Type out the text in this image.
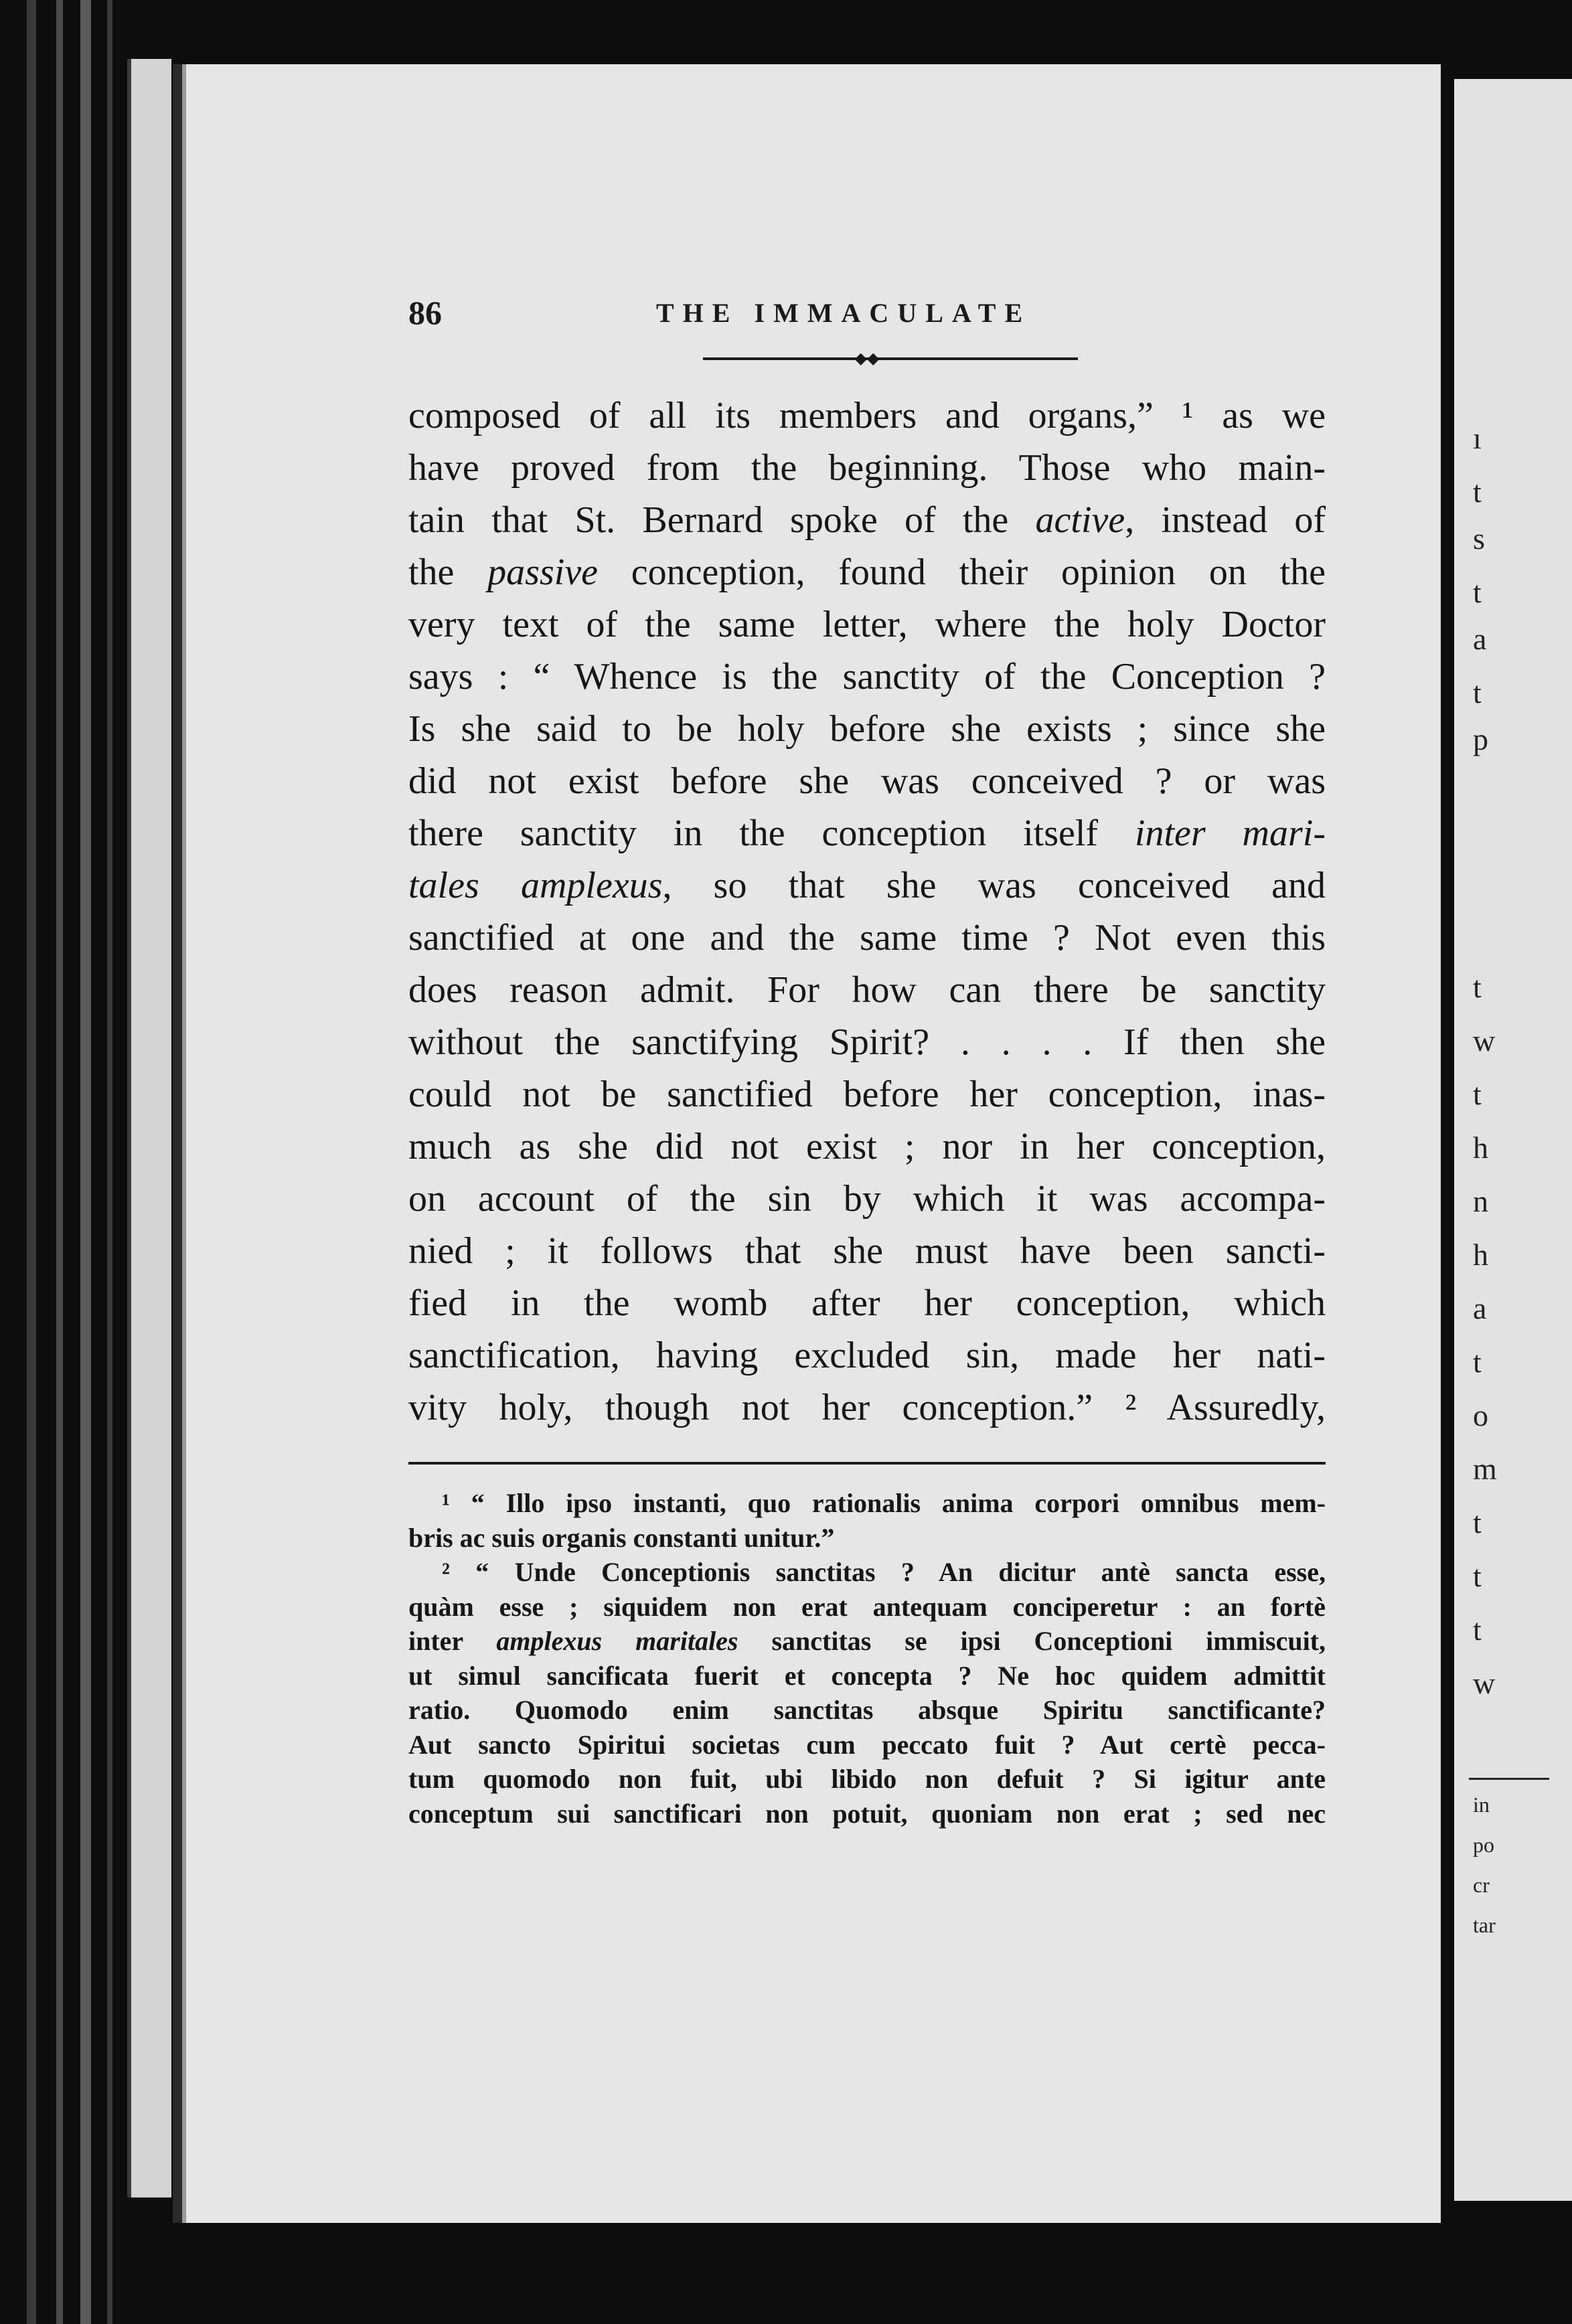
86	THE IMMACULATE
◆◆
composed of all its members and organs,” ¹ as we
have proved from the beginning. Those who main-
tain that St. Bernard spoke of the active, instead of
the passive conception, found their opinion on the
very text of the same letter, where the holy Doctor
says : “ Whence is the sanctity of the Conception ?
Is she said to be holy before she exists ; since she
did not exist before she was conceived ? or was
there sanctity in the conception itself inter mari-
tales amplexus, so that she was conceived and
sanctified at one and the same time ? Not even this
does reason admit. For how can there be sanctity
without the sanctifying Spirit? . . . . If then she
could not be sanctified before her conception, inas-
much as she did not exist ; nor in her conception,
on account of the sin by which it was accompa-
nied ; it follows that she must have been sancti-
fied in the womb after her conception, which
sanctification, having excluded sin, made her nati-
vity holy, though not her conception.” ² Assuredly,
¹ “ Illo ipso instanti, quo rationalis anima corpori omnibus mem-
bris ac suis organis constanti unitur.”
² “ Unde Conceptionis sanctitas ? An dicitur antè sancta esse,
quàm esse ; siquidem non erat antequam conciperetur : an fortè
inter amplexus maritales sanctitas se ipsi Conceptioni immiscuit,
ut simul sancificata fuerit et concepta ? Ne hoc quidem admittit
ratio. Quomodo enim sanctitas absque Spiritu sanctificante?
Aut sancto Spiritui societas cum peccato fuit ? Aut certè pecca-
tum quomodo non fuit, ubi libido non defuit ? Si igitur ante
conceptum sui sanctificari non potuit, quoniam non erat ; sed nec
ı
t
s
t
a
t
p
t
w
t
h
n
h
a
t
o
m
t
t
t
w
in
po
cr
tar
